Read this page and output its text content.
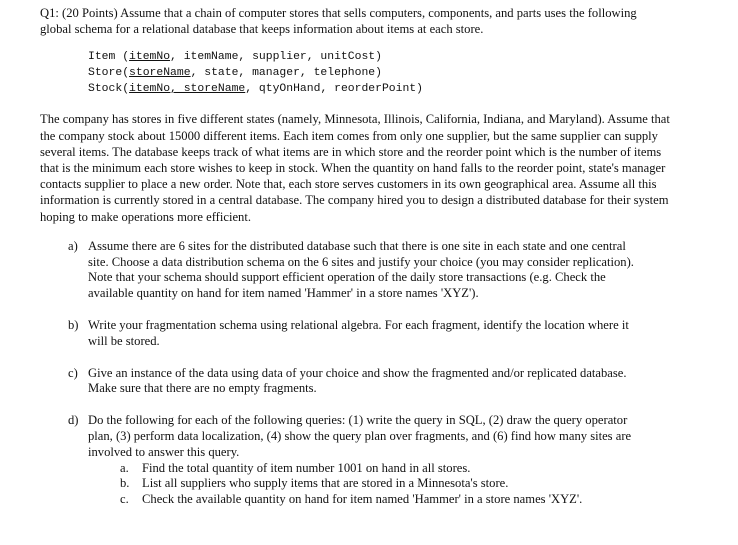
Q1: (20 Points) Assume that a chain of computer stores that sells computers, components, and parts uses the following global schema for a relational database that keeps information about items at each store.
Item (itemNo, itemName, supplier, unitCost)
Store(storeName, state, manager, telephone)
Stock(itemNo, storeName, qtyOnHand, reorderPoint)
The company has stores in five different states (namely, Minnesota, Illinois, California, Indiana, and Maryland). Assume that the company stock about 15000 different items. Each item comes from only one supplier, but the same supplier can supply several items. The database keeps track of what items are in which store and the reorder point which is the number of items that is the minimum each store wishes to keep in stock. When the quantity on hand falls to the reorder point, state's manager contacts supplier to place a new order. Note that, each store serves customers in its own geographical area. Assume all this information is currently stored in a central database. The company hired you to design a distributed database for their system hoping to make operations more efficient.
a) Assume there are 6 sites for the distributed database such that there is one site in each state and one central site. Choose a data distribution schema on the 6 sites and justify your choice (you may consider replication). Note that your schema should support efficient operation of the daily store transactions (e.g. Check the available quantity on hand for item named 'Hammer' in a store names 'XYZ').
b) Write your fragmentation schema using relational algebra. For each fragment, identify the location where it will be stored.
c) Give an instance of the data using data of your choice and show the fragmented and/or replicated database. Make sure that there are no empty fragments.
d) Do the following for each of the following queries: (1) write the query in SQL, (2) draw the query operator plan, (3) perform data localization, (4) show the query plan over fragments, and (6) find how many sites are involved to answer this query.
a. Find the total quantity of item number 1001 on hand in all stores.
b. List all suppliers who supply items that are stored in a Minnesota's store.
c. Check the available quantity on hand for item named 'Hammer' in a store names 'XYZ'.
